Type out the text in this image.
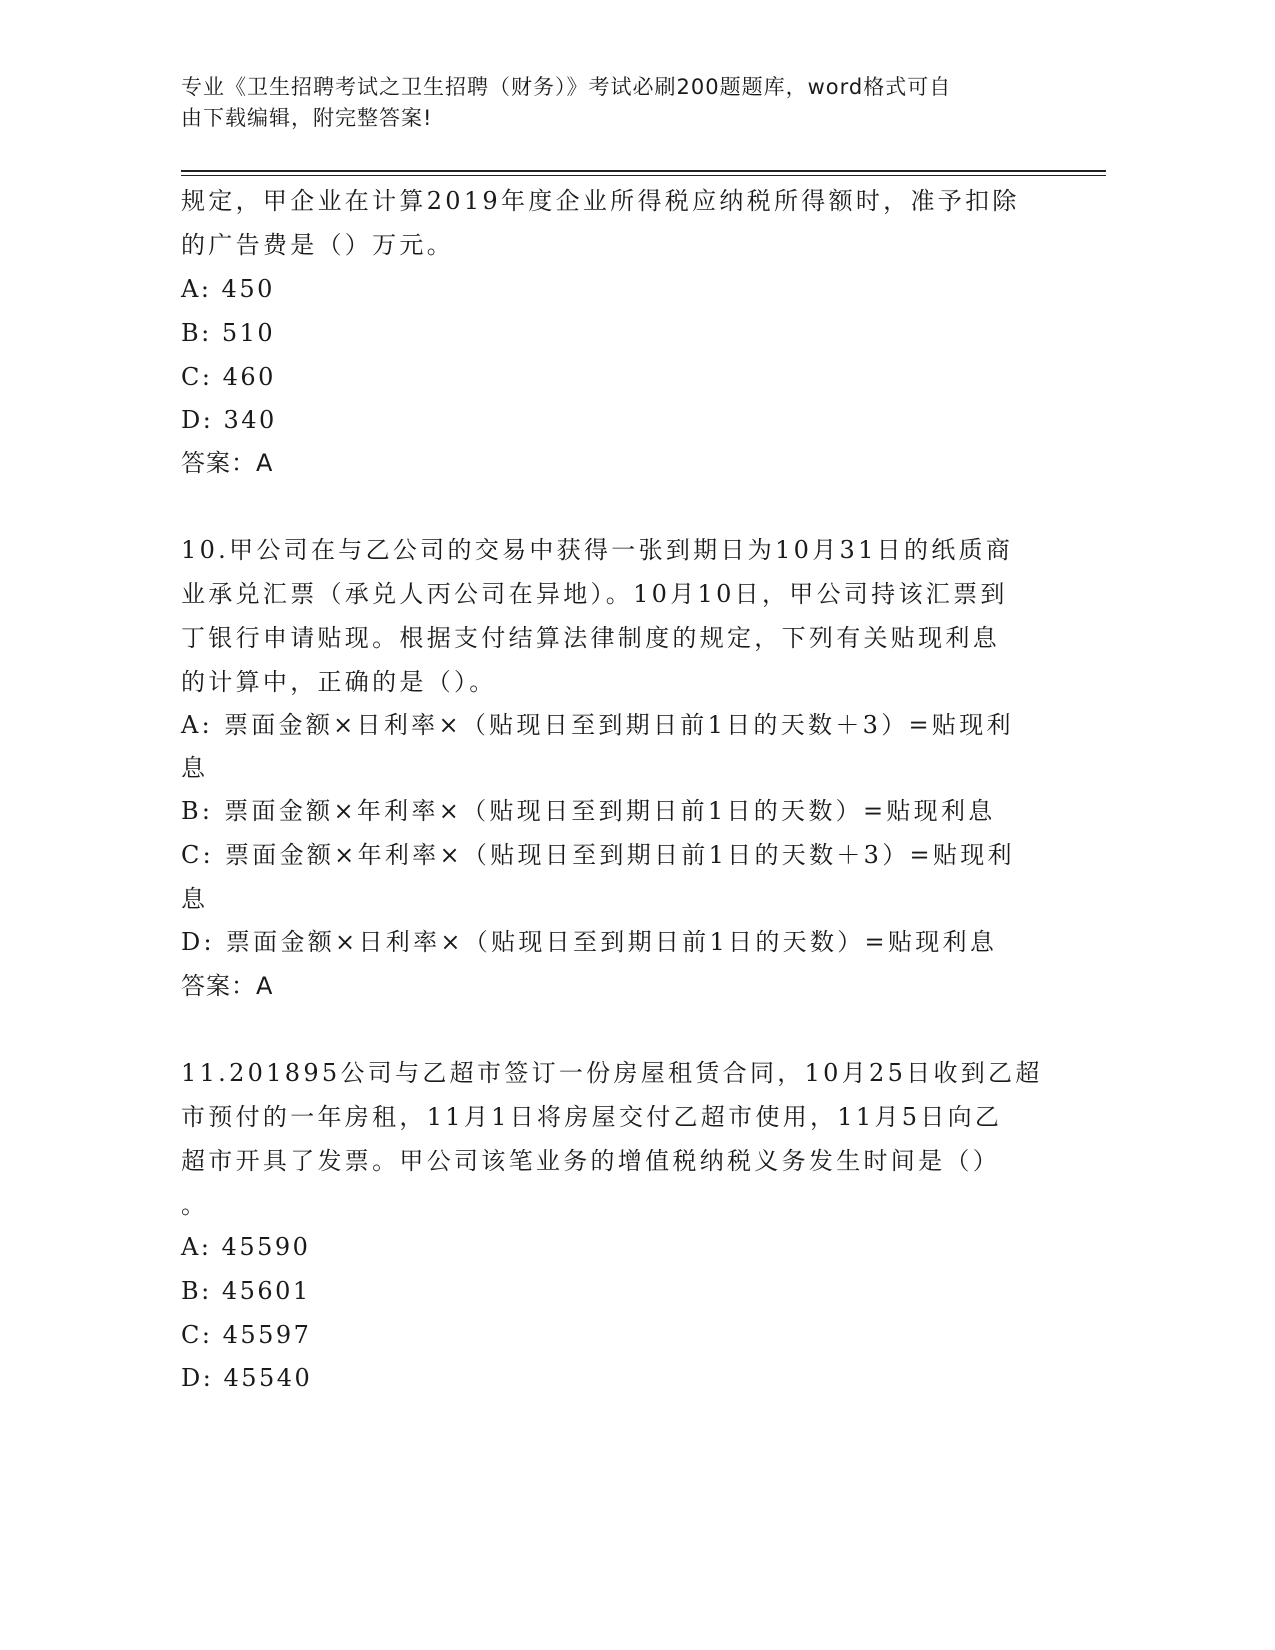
专业《卫生招聘考试之卫生招聘（财务）》考试必刷200题题库，word格式可自
由下载编辑，附完整答案!
规定，甲企业在计算2019年度企业所得税应纳税所得额时，准予扣除
的广告费是（）万元。
A: 450
B: 510
C: 460
D: 340
答案：A
10.甲公司在与乙公司的交易中获得一张到期日为10月31日的纸质商
业承兑汇票（承兑人丙公司在异地）。10月10日，甲公司持该汇票到
丁银行申请贴现。根据支付结算法律制度的规定，下列有关贴现利息
的计算中，正确的是（）。
A: 票面金额×日利率×（贴现日至到期日前1日的天数＋3）=贴现利
息
B: 票面金额×年利率×（贴现日至到期日前1日的天数）=贴现利息
C: 票面金额×年利率×（贴现日至到期日前1日的天数＋3）=贴现利
息
D: 票面金额×日利率×（贴现日至到期日前1日的天数）=贴现利息
答案：A
11.201895公司与乙超市签订一份房屋租赁合同，10月25日收到乙超
市预付的一年房租，11月1日将房屋交付乙超市使用，11月5日向乙
超市开具了发票。甲公司该笔业务的增值税纳税义务发生时间是（）
。
A: 45590
B: 45601
C: 45597
D: 45540
